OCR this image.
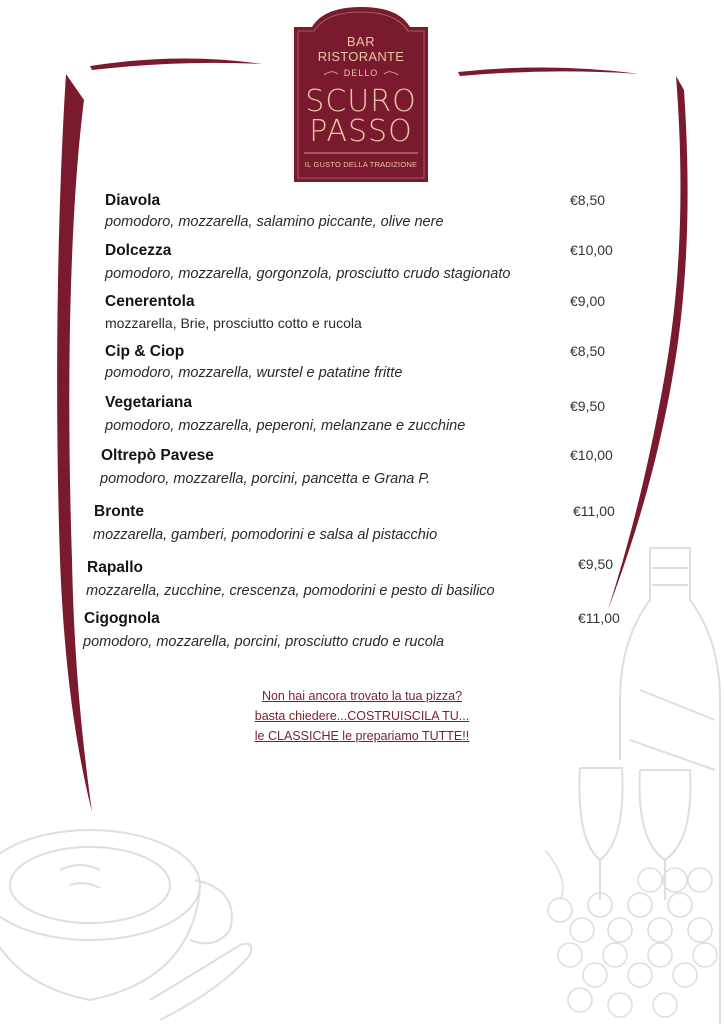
BAR
RISTORANTE
DELLO
SCURO
PASSO
IL GUSTO DELLA TRADIZIONE
Diavola
pomodoro, mozzarella, salamino piccante, olive nere
€8,50
Dolcezza
pomodoro, mozzarella, gorgonzola, prosciutto crudo stagionato
€10,00
Cenerentola
mozzarella, Brie, prosciutto cotto e rucola
€9,00
Cip & Ciop
pomodoro, mozzarella, wurstel e patatine fritte
€8,50
Vegetariana
pomodoro, mozzarella, peperoni, melanzane e zucchine
€9,50
Oltrepò Pavese
pomodoro, mozzarella, porcini, pancetta e Grana P.
€10,00
Bronte
mozzarella, gamberi, pomodorini e salsa al pistacchio
€11,00
Rapallo
mozzarella, zucchine, crescenza, pomodorini e pesto di basilico
€9,50
Cigognola
pomodoro, mozzarella, porcini, prosciutto crudo e rucola
€11,00
Non hai ancora trovato la tua pizza?
basta chiedere...COSTRUISCILA TU...
le CLASSICHE le prepariamo TUTTE!!
